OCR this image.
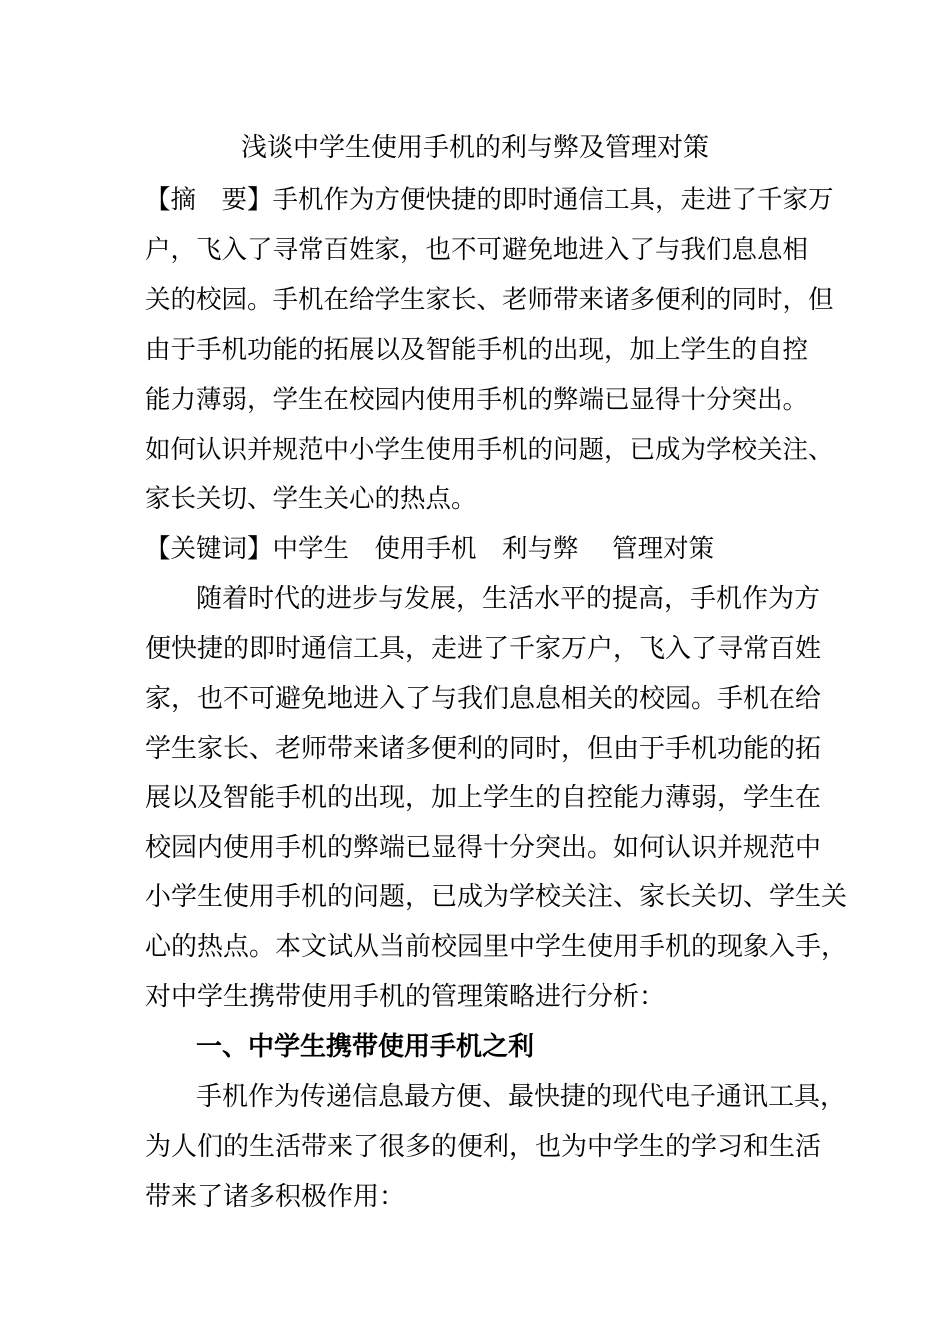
浅谈中学生使用手机的利与弊及管理对策
【摘　要】手机作为方便快捷的即时通信工具，走进了千家万
户，飞入了寻常百姓家，也不可避免地进入了与我们息息相
关的校园。手机在给学生家长、老师带来诸多便利的同时，但
由于手机功能的拓展以及智能手机的出现，加上学生的自控
能力薄弱，学生在校园内使用手机的弊端已显得十分突出。
如何认识并规范中小学生使用手机的问题，已成为学校关注、
家长关切、学生关心的热点。
【关键词】中学生　使用手机　利与弊　 管理对策
随着时代的进步与发展，生活水平的提高，手机作为方
便快捷的即时通信工具，走进了千家万户，飞入了寻常百姓
家，也不可避免地进入了与我们息息相关的校园。手机在给
学生家长、老师带来诸多便利的同时，但由于手机功能的拓
展以及智能手机的出现，加上学生的自控能力薄弱，学生在
校园内使用手机的弊端已显得十分突出。如何认识并规范中
小学生使用手机的问题，已成为学校关注、家长关切、学生关
心的热点。本文试从当前校园里中学生使用手机的现象入手，
对中学生携带使用手机的管理策略进行分析：
一、中学生携带使用手机之利
手机作为传递信息最方便、最快捷的现代电子通讯工具，
为人们的生活带来了很多的便利，也为中学生的学习和生活
带来了诸多积极作用：
